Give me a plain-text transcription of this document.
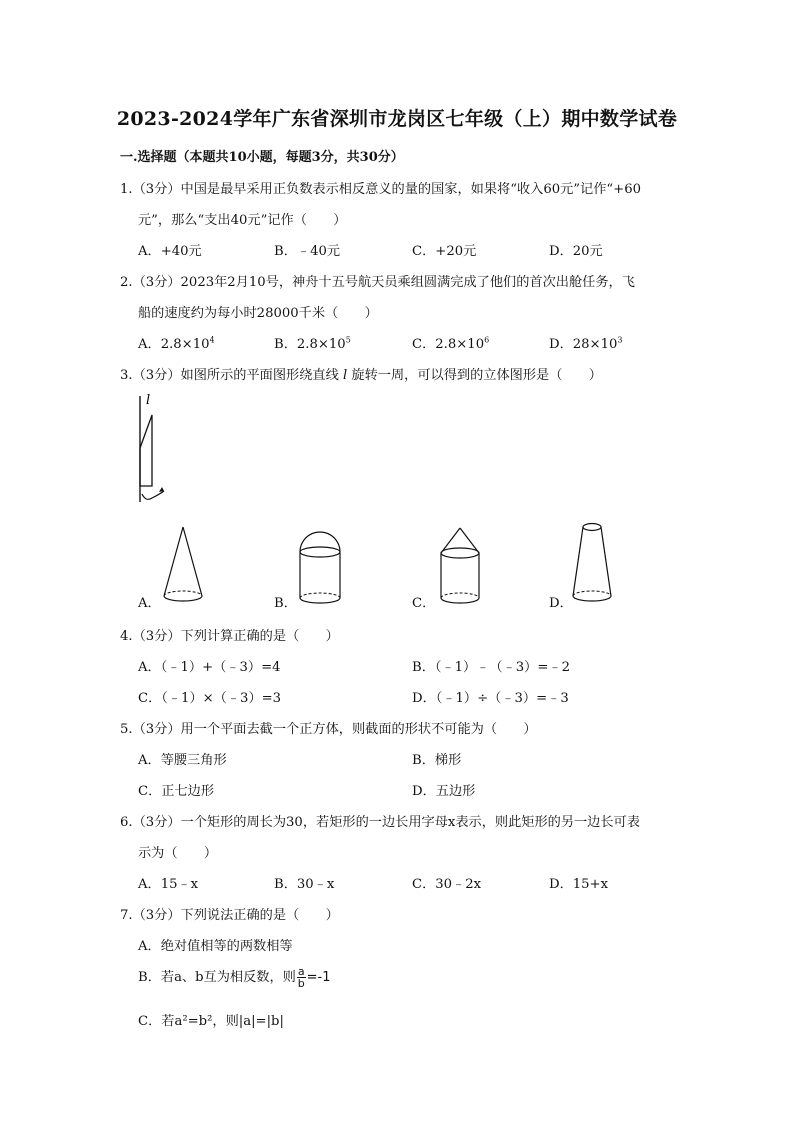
2023-2024学年广东省深圳市龙岗区七年级（上）期中数学试卷
一.选择题（本题共10小题，每题3分，共30分）
1.（3分）中国是最早采用正负数表示相反意义的量的国家，如果将“收入60元”记作“+60
元”，那么“支出40元”记作（　　）
A．+40元	B．﹣40元	C．+20元	D．20元
2.（3分）2023年2月10号，神舟十五号航天员乘组圆满完成了他们的首次出舱任务，飞
船的速度约为每小时28000千米（　　）
A．$2.8\times 10^4$	B．$2.8\times 10^5$	C．$2.8\times 10^6$	D．$28\times 10^3$
3.（3分）如图所示的平面图形绕直线 l 旋转一周，可以得到的立体图形是（　　）
l
A．	B．	C．	D．
4.（3分）下列计算正确的是（　　）
A．（﹣1）+（﹣3）=4	B．（﹣1）﹣（﹣3）=﹣2
C．（﹣1）×（﹣3）=3	D．（﹣1）÷（﹣3）=﹣3
5.（3分）用一个平面去截一个正方体，则截面的形状不可能为（　　）
A．等腰三角形	B．梯形
C．正七边形	D．五边形
6.（3分）一个矩形的周长为30，若矩形的一边长用字母x表示，则此矩形的另一边长可表
示为（　　）
A．15﹣x	B．30﹣x	C．30﹣2x	D．15+x
7.（3分）下列说法正确的是（　　）
A．绝对值相等的两数相等
B．若a、b互为相反数，则 $\frac{a}{b} =-1$
C．若a²=b²，则|a|=|b|
